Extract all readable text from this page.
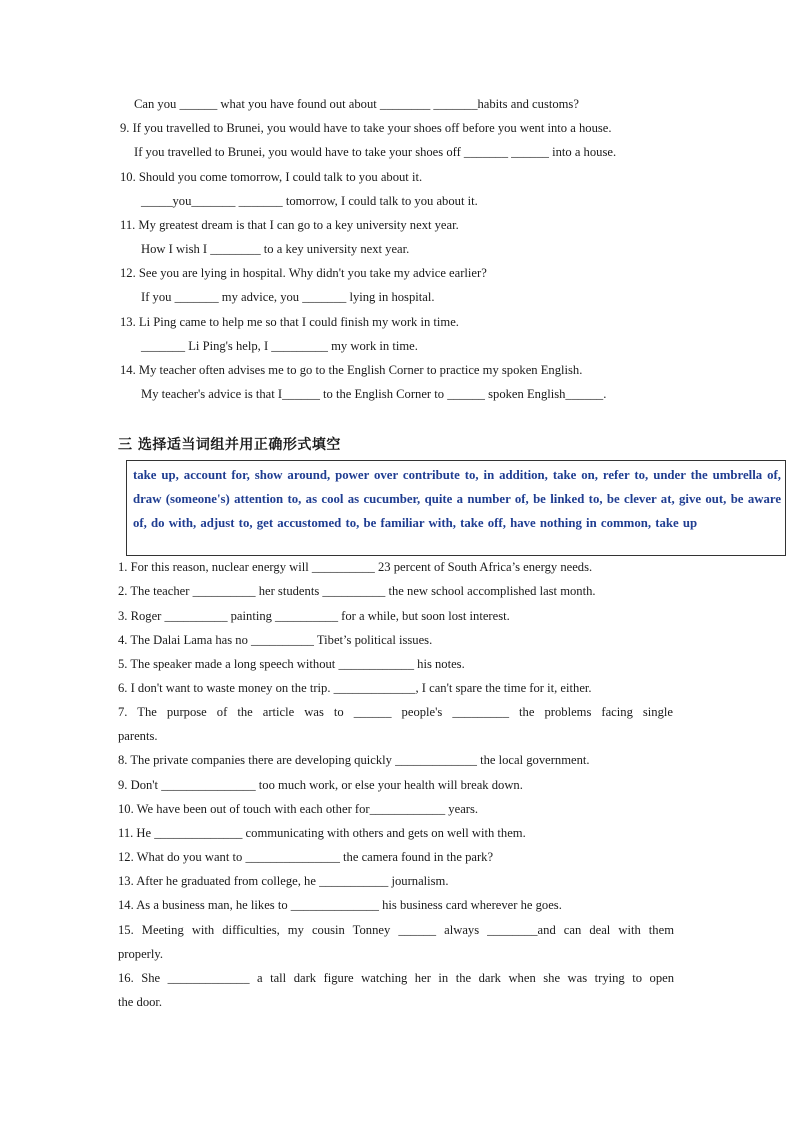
Can you ______ what you have found out about ________ _______habits and customs?
9. If you travelled to Brunei, you would have to take your shoes off before you went into a house.
If you travelled to Brunei, you would have to take your shoes off _______ ______ into a house.
10. Should you come tomorrow, I could talk to you about it.
_____you_______ _______ tomorrow, I could talk to you about it.
11. My greatest dream is that I can go to a key university next year.
How I wish I ________ to a key university next year.
12. See you are lying in hospital. Why didn't you take my advice earlier?
If you _______ my advice, you _______ lying in hospital.
13. Li Ping came to help me so that I could finish my work in time.
_______ Li Ping's help, I _________ my work in time.
14. My teacher often advises me to go to the English Corner to practice my spoken English.
My teacher's advice is that I______ to the English Corner to ______ spoken English______.
三 选择适当词组并用正确形式填空

take up, account for, show around, power over contribute to, in addition, take on, refer to, under the umbrella of, draw (someone's) attention to, as cool as cucumber, quite a number of, be linked to, be clever at, give out, be aware of, do with, adjust to, get accustomed to, be familiar with, take off, have nothing in common, take up

1. For this reason, nuclear energy will __________ 23 percent of South Africa’s energy needs.
2. The teacher __________ her students __________ the new school accomplished last month.
3. Roger __________ painting __________ for a while, but soon lost interest.
4. The Dalai Lama has no __________ Tibet’s political issues.
5. The speaker made a long speech without ____________ his notes.
6. I don't want to waste money on the trip. _____________, I can't spare the time for it, either.
7. The purpose of the article was to ______ people's _________ the problems facing single
parents.
8. The private companies there are developing quickly _____________ the local government.
9. Don't _______________ too much work, or else your health will break down.
10. We have been out of touch with each other for____________ years.
11. He ______________ communicating with others and gets on well with them.
12. What do you want to _______________ the camera found in the park?
13. After he graduated from college, he ___________ journalism.
14. As a business man, he likes to ______________ his business card wherever he goes.
15. Meeting with difficulties, my cousin Tonney ______ always ________and can deal with them
properly.
16. She _____________ a tall dark figure watching her in the dark when she was trying to open
the door.
